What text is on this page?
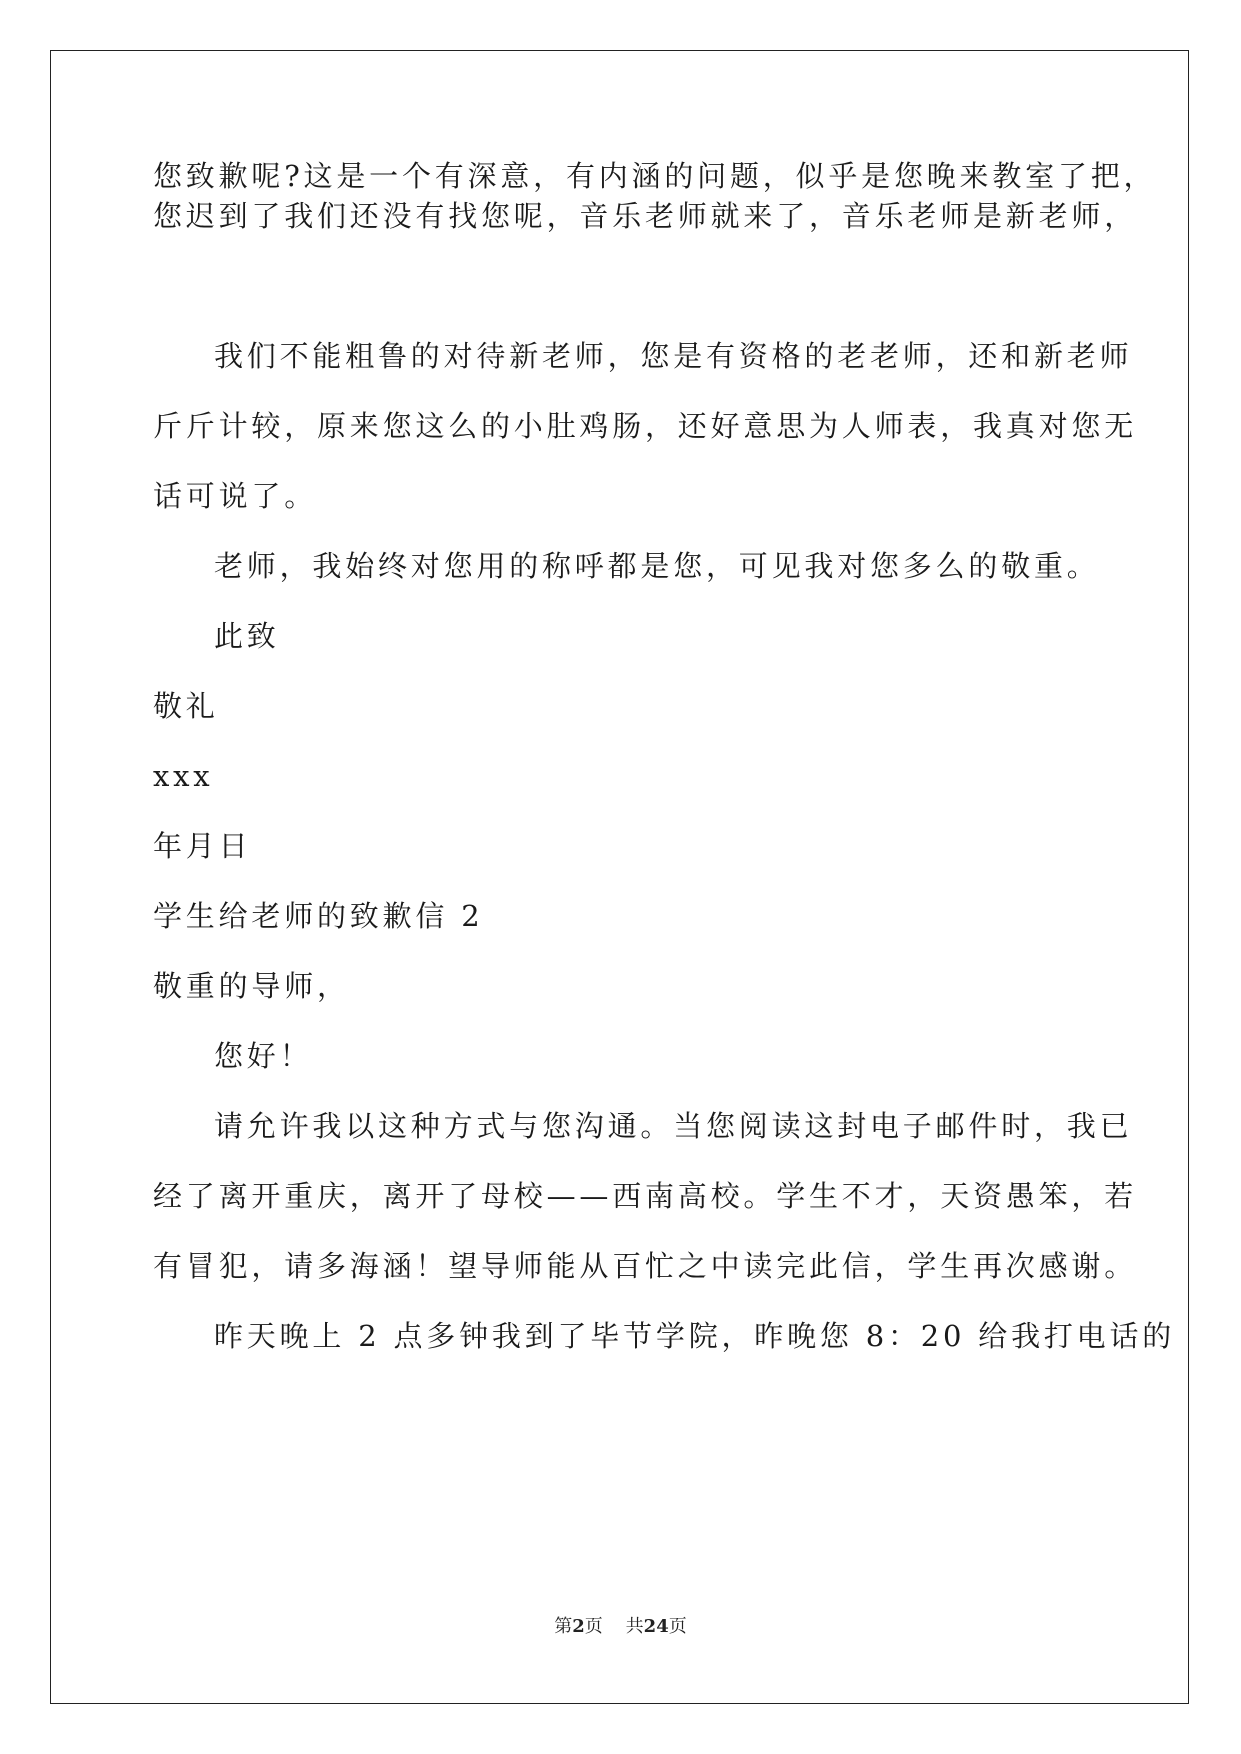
您致歉呢?这是一个有深意，有内涵的问题，似乎是您晚来教室了把，
您迟到了我们还没有找您呢，音乐老师就来了，音乐老师是新老师，
我们不能粗鲁的对待新老师，您是有资格的老老师，还和新老师
斤斤计较，原来您这么的小肚鸡肠，还好意思为人师表，我真对您无
话可说了。
老师，我始终对您用的称呼都是您，可见我对您多么的敬重。
此致
敬礼
xxx
年月日
学生给老师的致歉信 2
敬重的导师，
您好！
请允许我以这种方式与您沟通。当您阅读这封电子邮件时，我已
经了离开重庆，离开了母校——西南高校。学生不才，天资愚笨，若
有冒犯，请多海涵！望导师能从百忙之中读完此信，学生再次感谢。
昨天晚上 2 点多钟我到了毕节学院，昨晚您 8：20 给我打电话的
第2页 共24页
